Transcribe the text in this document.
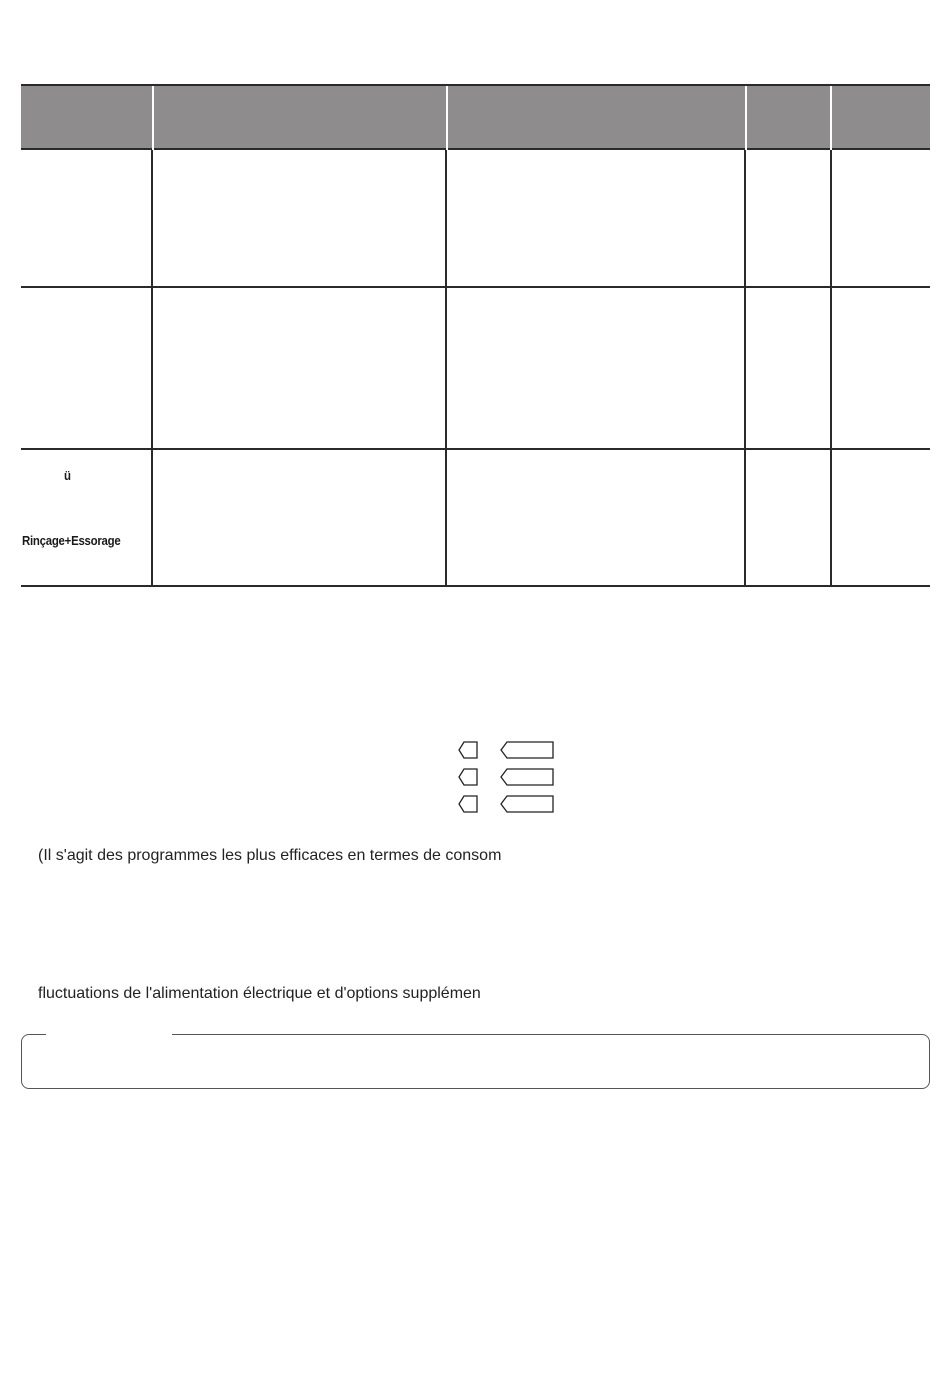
ü
Rinçage+Essorage
(Il s'agit des programmes les plus efficaces en termes de consom
fluctuations de l'alimentation électrique et d'options supplémen
